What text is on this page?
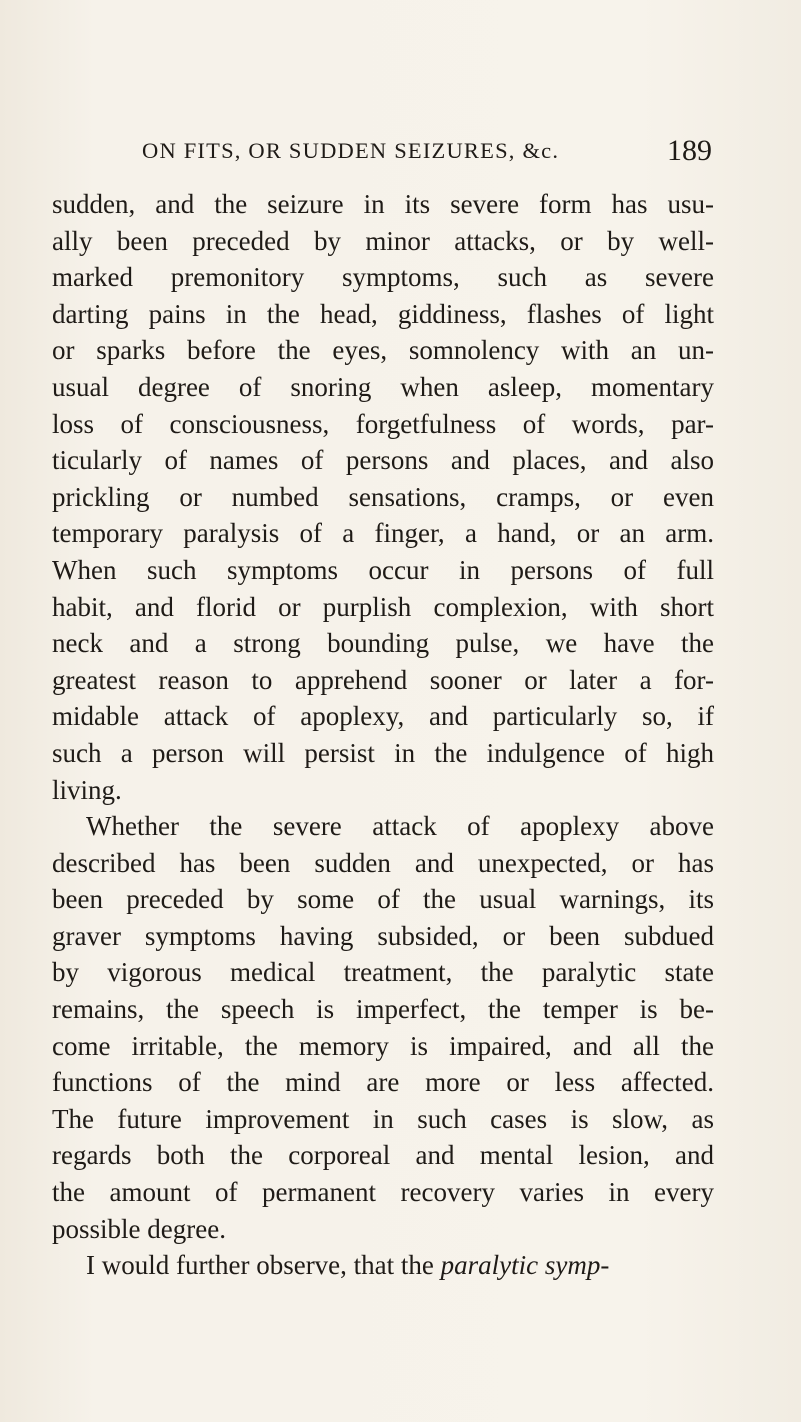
ON FITS, OR SUDDEN SEIZURES, &c.	189
sudden, and the seizure in its severe form has usu-
ally been preceded by minor attacks, or by well-
marked premonitory symptoms, such as severe
darting pains in the head, giddiness, flashes of light
or sparks before the eyes, somnolency with an un-
usual degree of snoring when asleep, momentary
loss of consciousness, forgetfulness of words, par-
ticularly of names of persons and places, and also
prickling or numbed sensations, cramps, or even
temporary paralysis of a finger, a hand, or an arm.
When such symptoms occur in persons of full
habit, and florid or purplish complexion, with short
neck and a strong bounding pulse, we have the
greatest reason to apprehend sooner or later a for-
midable attack of apoplexy, and particularly so, if
such a person will persist in the indulgence of high
living.
Whether the severe attack of apoplexy above
described has been sudden and unexpected, or has
been preceded by some of the usual warnings, its
graver symptoms having subsided, or been subdued
by vigorous medical treatment, the paralytic state
remains, the speech is imperfect, the temper is be-
come irritable, the memory is impaired, and all the
functions of the mind are more or less affected.
The future improvement in such cases is slow, as
regards both the corporeal and mental lesion, and
the amount of permanent recovery varies in every
possible degree.
I would further observe, that the paralytic symp-
